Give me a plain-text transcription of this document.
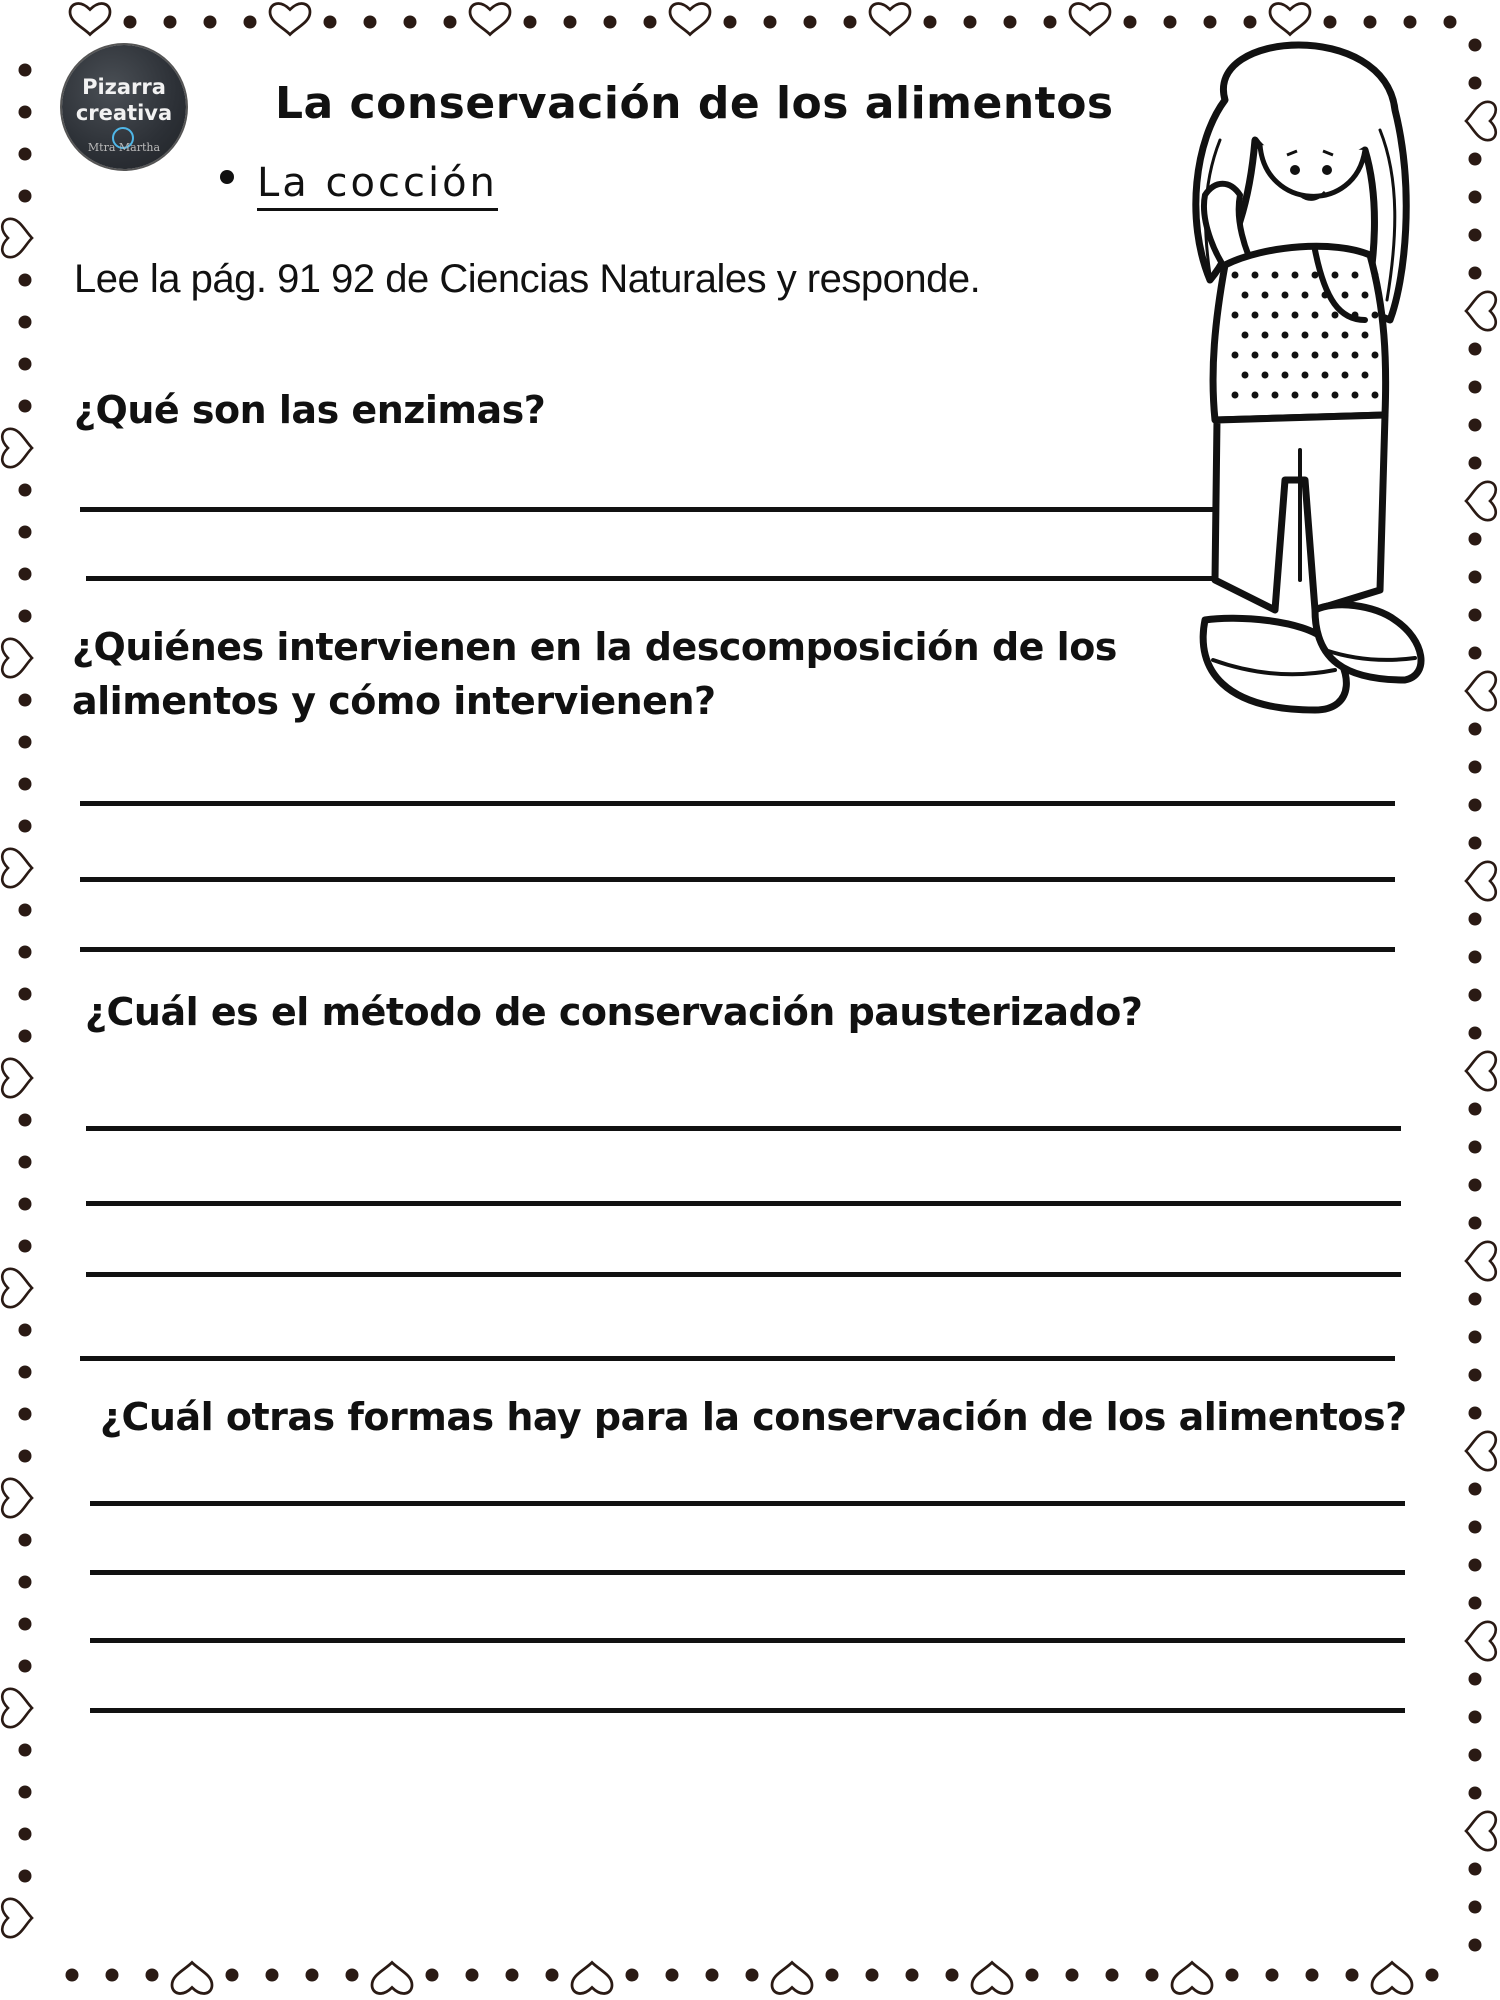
Pizarra
creativa
Mtra Martha
La conservación de los alimentos
La cocción
Lee la pág. 91 92 de Ciencias Naturales y responde.
¿Qué son las enzimas?
¿Quiénes intervienen en la descomposición de los alimentos y cómo intervienen?
¿Cuál es el método de conservación pausterizado?
¿Cuál otras formas hay para la conservación de los alimentos?
